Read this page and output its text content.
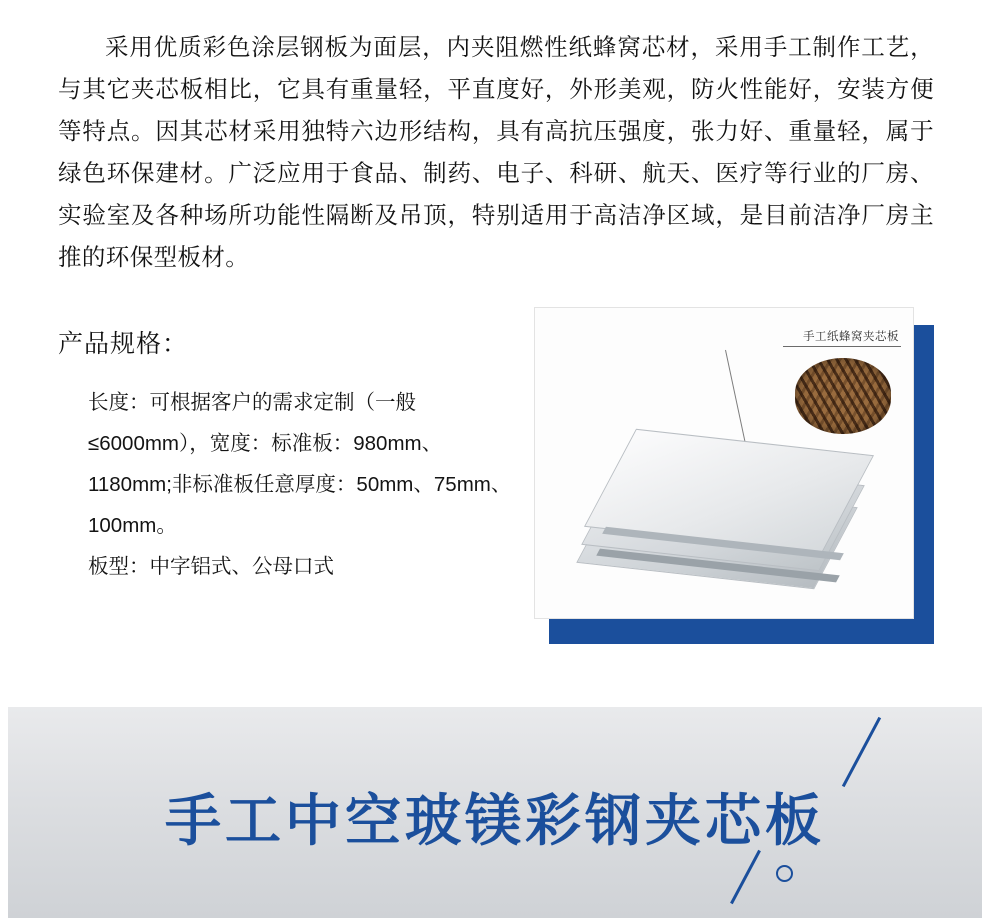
采用优质彩色涂层钢板为面层，内夹阻燃性纸蜂窝芯材，采用手工制作工艺，与其它夹芯板相比，它具有重量轻，平直度好，外形美观，防火性能好，安装方便等特点。因其芯材采用独特六边形结构，具有高抗压强度，张力好、重量轻，属于绿色环保建材。广泛应用于食品、制药、电子、科研、航天、医疗等行业的厂房、实验室及各种场所功能性隔断及吊顶，特别适用于高洁净区域，是目前洁净厂房主推的环保型板材。
产品规格：
长度：可根据客户的需求定制（一般≤6000mm），宽度：标准板：980mm、1180mm;非标准板任意厚度：50mm、75mm、100mm。
板型：中字铝式、公母口式
手工纸蜂窝夹芯板
手工中空玻镁彩钢夹芯板
